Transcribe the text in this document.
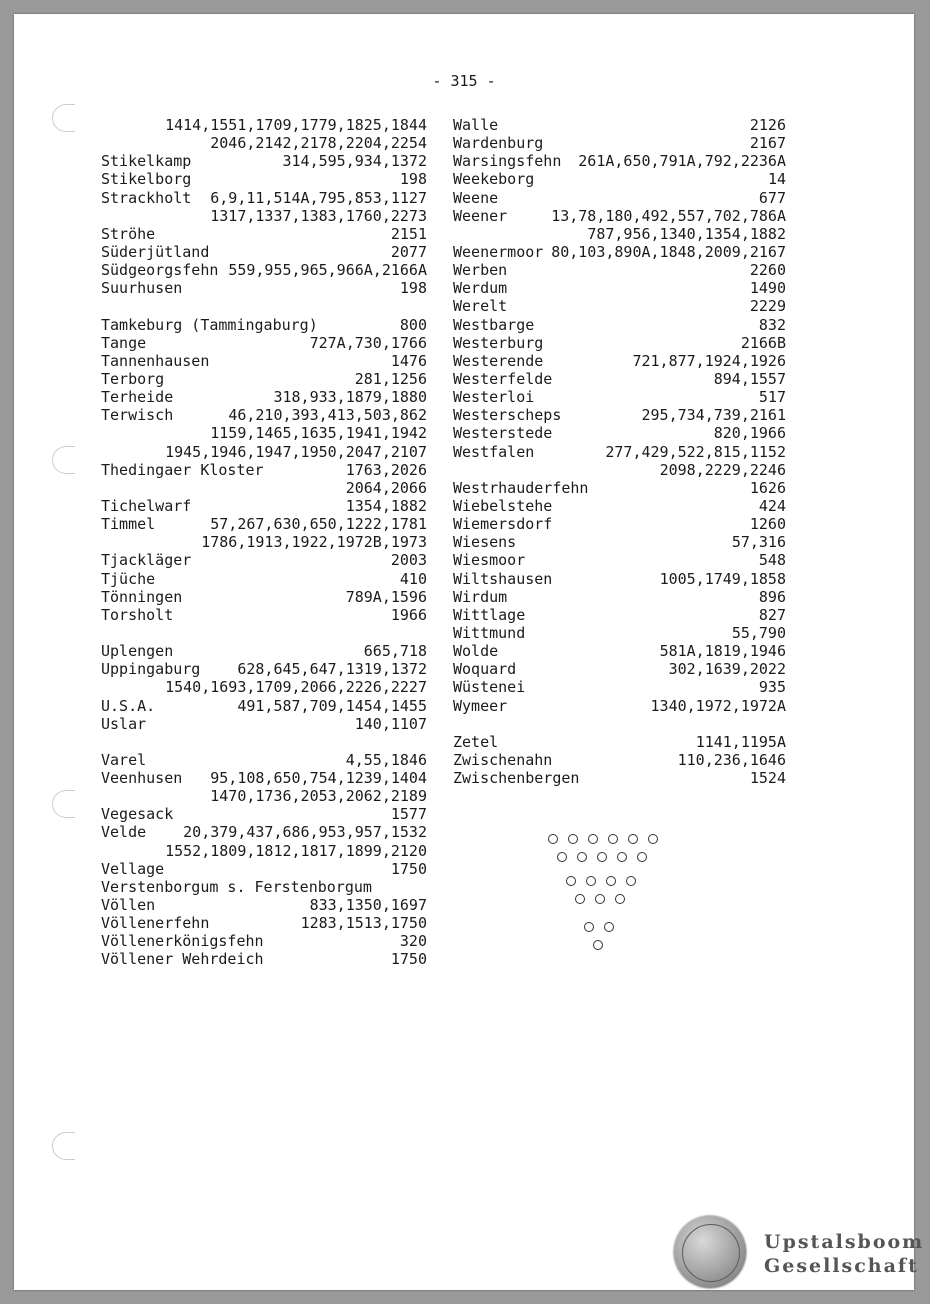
- 315 -
1414,1551,1709,1779,1825,1844
2046,2142,2178,2204,2254
Stikelkamp	314,595,934,1372
Stikelborg	198
Strackholt 6,9,11,514A,795,853,1127
1317,1337,1383,1760,2273
Ströhe	2151
Süderjütland	2077
Südgeorgsfehn 559,955,965,966A,2166A
Suurhusen	198
Tamkeburg (Tammingaburg)	800
Tange	727A,730,1766
Tannenhausen	1476
Terborg	281,1256
Terheide	318,933,1879,1880
Terwisch	46,210,393,413,503,862
1159,1465,1635,1941,1942
1945,1946,1947,1950,2047,2107
Thedingaer Kloster	1763,2026
2064,2066
Tichelwarf	1354,1882
Timmel	57,267,630,650,1222,1781
1786,1913,1922,1972B,1973
Tjackläger	2003
Tjüche	410
Tönningen	789A,1596
Torsholt	1966
Uplengen	665,718
Uppingaburg 628,645,647,1319,1372
1540,1693,1709,2066,2226,2227
U.S.A.	491,587,709,1454,1455
Uslar	140,1107
Varel	4,55,1846
Veenhusen 95,108,650,754,1239,1404
1470,1736,2053,2062,2189
Vegesack	1577
Velde 20,379,437,686,953,957,1532
1552,1809,1812,1817,1899,2120
Vellage	1750
Verstenborgum s. Ferstenborgum
Völlen	833,1350,1697
Völlenerfehn	1283,1513,1750
Völlenerkönigsfehn	320
Völlener Wehrdeich	1750
Walle	2126
Wardenburg	2167
Warsingsfehn 261A,650,791A,792,2236A
Weekeborg	14
Weene	677
Weener	13,78,180,492,557,702,786A
787,956,1340,1354,1882
Weenermoor 80,103,890A,1848,2009,2167
Werben	2260
Werdum	1490
Werelt	2229
Westbarge	832
Westerburg	2166B
Westerende	721,877,1924,1926
Westerfelde	894,1557
Westerloi	517
Westerscheps	295,734,739,2161
Westerstede	820,1966
Westfalen	277,429,522,815,1152
2098,2229,2246
Westrhauderfehn	1626
Wiebelstehe	424
Wiemersdorf	1260
Wiesens	57,316
Wiesmoor	548
Wiltshausen	1005,1749,1858
Wirdum	896
Wittlage	827
Wittmund	55,790
Wolde	581A,1819,1946
Woquard	302,1639,2022
Wüstenei	935
Wymeer	1340,1972,1972A
Zetel	1141,1195A
Zwischenahn	110,236,1646
Zwischenbergen	1524
Upstalsboom
Gesellschaft
